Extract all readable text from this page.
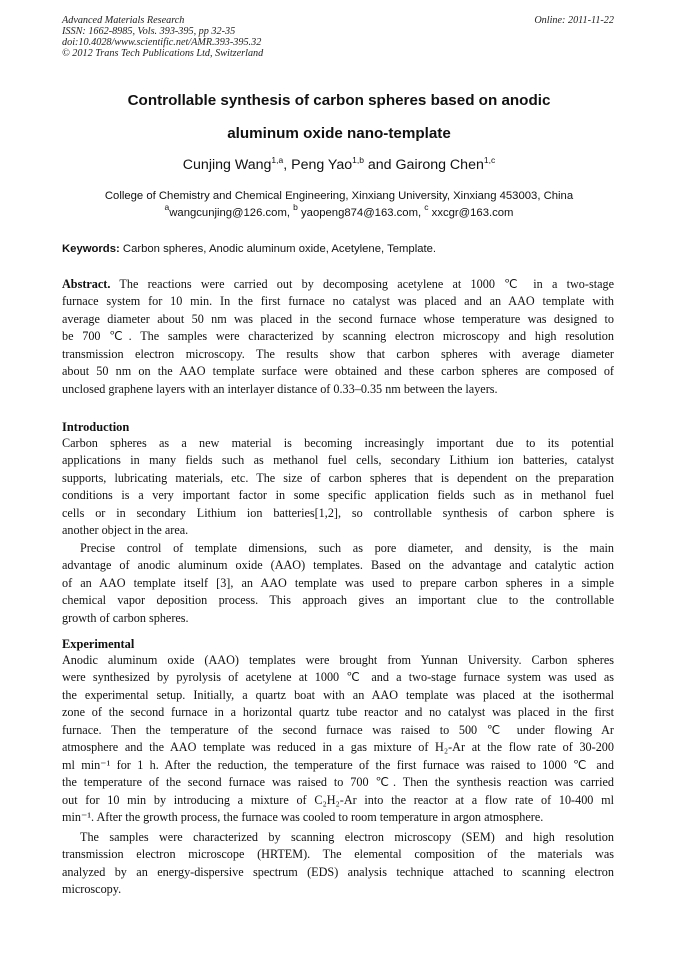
Advanced Materials Research
ISSN: 1662-8985, Vols. 393-395, pp 32-35
doi:10.4028/www.scientific.net/AMR.393-395.32
© 2012 Trans Tech Publications Ltd, Switzerland
Online: 2011-11-22
Controllable synthesis of carbon spheres based on anodic
aluminum oxide nano-template
Cunjing Wang$^{1,a}$, Peng Yao$^{1,b}$ and Gairong Chen$^{1,c}$
College of Chemistry and Chemical Engineering, Xinxiang University, Xinxiang 453003, China
$^a$wangcunjing@126.com, $^b$ yaopeng874@163.com, $^c$ xxcgr@163.com
Keywords: Carbon spheres, Anodic aluminum oxide, Acetylene, Template.
Abstract. The reactions were carried out by decomposing acetylene at 1000 ℃ in a two-stage
furnace system for 10 min. In the first furnace no catalyst was placed and an AAO template with
average diameter about 50 nm was placed in the second furnace whose temperature was designed to
be 700 ℃. The samples were characterized by scanning electron microscopy and high resolution
transmission electron microscopy. The results show that carbon spheres with average diameter
about 50 nm on the AAO template surface were obtained and these carbon spheres are composed of
unclosed graphene layers with an interlayer distance of 0.33–0.35 nm between the layers.
Introduction
Carbon spheres as a new material is becoming increasingly important due to its potential
applications in many fields such as methanol fuel cells, secondary Lithium ion batteries, catalyst
supports, lubricating materials, etc. The size of carbon spheres that is dependent on the preparation
conditions is a very important factor in some specific application fields such as in methanol fuel
cells or in secondary Lithium ion batteries[1,2], so controllable synthesis of carbon sphere is
another object in the area.
Precise control of template dimensions, such as pore diameter, and density, is the main
advantage of anodic aluminum oxide (AAO) templates. Based on the advantage and catalytic action
of an AAO template itself [3], an AAO template was used to prepare carbon spheres in a simple
chemical vapor deposition process. This approach gives an important clue to the controllable
growth of carbon spheres.
Experimental
Anodic aluminum oxide (AAO) templates were brought from Yunnan University. Carbon spheres
were synthesized by pyrolysis of acetylene at 1000 ℃ and a two-stage furnace system was used as
the experimental setup. Initially, a quartz boat with an AAO template was placed at the isothermal
zone of the second furnace in a horizontal quartz tube reactor and no catalyst was placed in the first
furnace. Then the temperature of the second furnace was raised to 500 ℃ under flowing Ar
atmosphere and the AAO template was reduced in a gas mixture of H₂-Ar at the flow rate of 30-200
ml min⁻¹ for 1 h. After the reduction, the temperature of the first furnace was raised to 1000 ℃ and
the temperature of the second furnace was raised to 700 ℃. Then the synthesis reaction was carried
out for 10 min by introducing a mixture of C₂H₂-Ar into the reactor at a flow rate of 10-400 ml
min⁻¹. After the growth process, the furnace was cooled to room temperature in argon atmosphere.
The samples were characterized by scanning electron microscopy (SEM) and high resolution
transmission electron microscope (HRTEM). The elemental composition of the materials was
analyzed by an energy-dispersive spectrum (EDS) analysis technique attached to scanning electron
microscopy.
